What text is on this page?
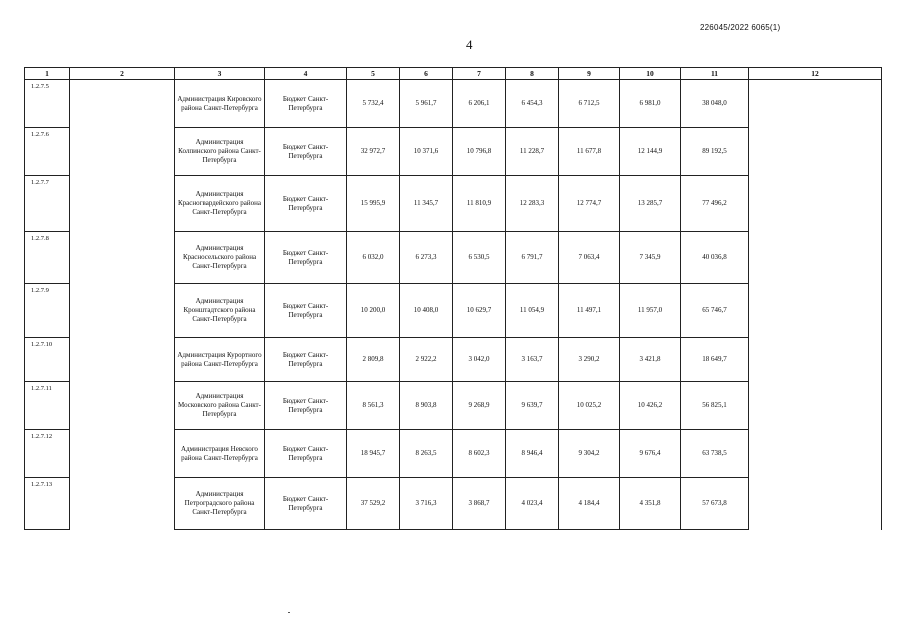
226045/2022 6065(1)
4
1	2	3	4	5	6	7	8	9	10	11	12
1.2.7.5		Администрация Кировского района Санкт-Петербурга	Бюджет Санкт-Петербурга	5 732,4	5 961,7	6 206,1	6 454,3	6 712,5	6 981,0	38 048,0	
1.2.7.6		Администрация Колпинского района Санкт-Петербурга	Бюджет Санкт-Петербурга	32 972,7	10 371,6	10 796,8	11 228,7	11 677,8	12 144,9	89 192,5	
1.2.7.7		Администрация Красногвардейского района Санкт-Петербурга	Бюджет Санкт-Петербурга	15 995,9	11 345,7	11 810,9	12 283,3	12 774,7	13 285,7	77 496,2	
1.2.7.8		Администрация Красносельского района Санкт-Петербурга	Бюджет Санкт-Петербурга	6 032,0	6 273,3	6 530,5	6 791,7	7 063,4	7 345,9	40 036,8	
1.2.7.9		Администрация Кронштадтского района Санкт-Петербурга	Бюджет Санкт-Петербурга	10 200,0	10 408,0	10 629,7	11 054,9	11 497,1	11 957,0	65 746,7	
1.2.7.10		Администрация Курортного района Санкт-Петербурга	Бюджет Санкт-Петербурга	2 809,8	2 922,2	3 042,0	3 163,7	3 290,2	3 421,8	18 649,7	
1.2.7.11		Администрация Московского района Санкт-Петербурга	Бюджет Санкт-Петербурга	8 561,3	8 903,8	9 268,9	9 639,7	10 025,2	10 426,2	56 825,1	
1.2.7.12		Администрация Невского района Санкт-Петербурга	Бюджет Санкт-Петербурга	18 945,7	8 263,5	8 602,3	8 946,4	9 304,2	9 676,4	63 738,5	
1.2.7.13		Администрация Петроградского района Санкт-Петербурга	Бюджет Санкт-Петербурга	37 529,2	3 716,3	3 868,7	4 023,4	4 184,4	4 351,8	57 673,8	
